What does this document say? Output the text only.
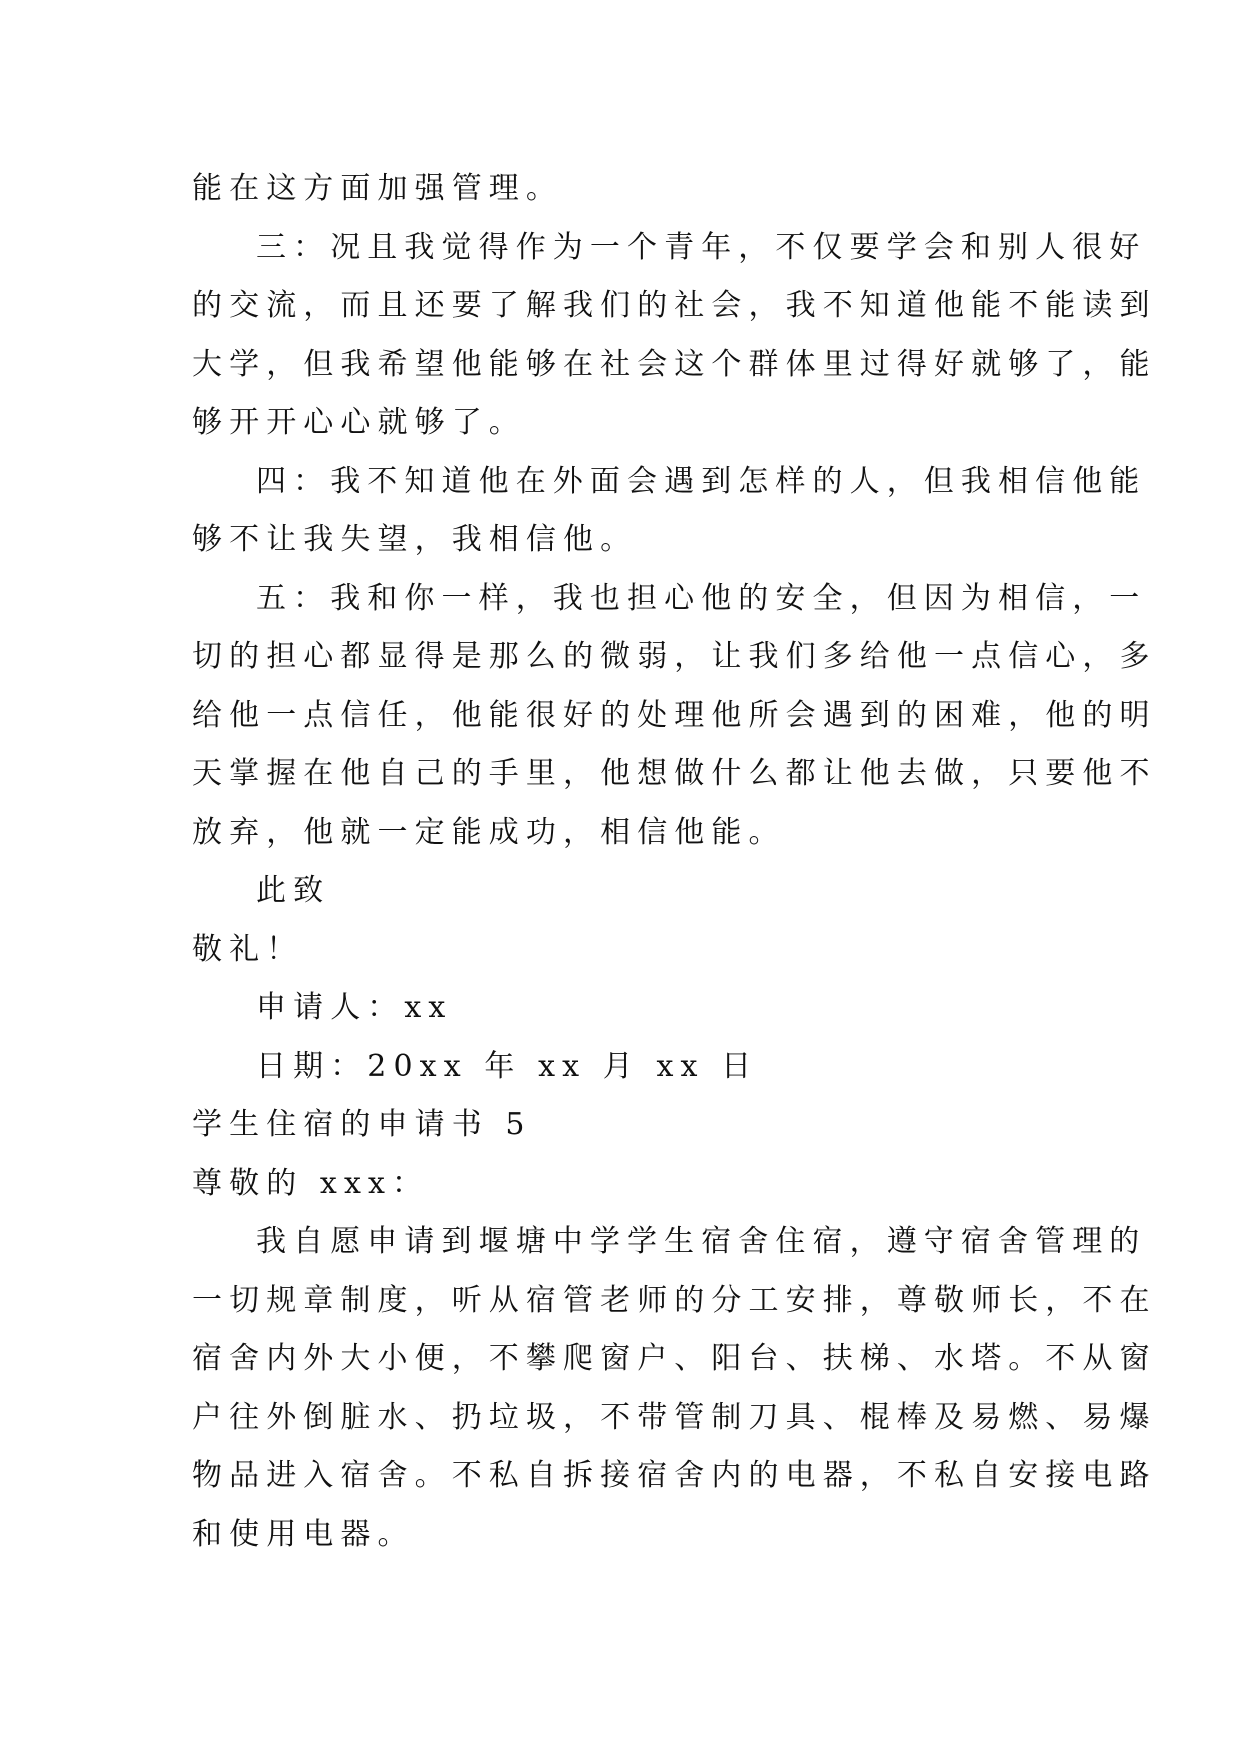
能在这方面加强管理。

三：况且我觉得作为一个青年，不仅要学会和别人很好

的交流，而且还要了解我们的社会，我不知道他能不能读到

大学，但我希望他能够在社会这个群体里过得好就够了，能

够开开心心就够了。

四：我不知道他在外面会遇到怎样的人，但我相信他能

够不让我失望，我相信他。

五：我和你一样，我也担心他的安全，但因为相信，一

切的担心都显得是那么的微弱，让我们多给他一点信心，多

给他一点信任，他能很好的处理他所会遇到的困难，他的明

天掌握在他自己的手里，他想做什么都让他去做，只要他不

放弃，他就一定能成功，相信他能。

此致

敬礼！

申请人：xx

日期：20xx 年 xx 月 xx 日

学生住宿的申请书 5

尊敬的 xxx：

我自愿申请到堰塘中学学生宿舍住宿，遵守宿舍管理的

一切规章制度，听从宿管老师的分工安排，尊敬师长，不在

宿舍内外大小便，不攀爬窗户、阳台、扶梯、水塔。不从窗

户往外倒脏水、扔垃圾，不带管制刀具、棍棒及易燃、易爆

物品进入宿舍。不私自拆接宿舍内的电器，不私自安接电路

和使用电器。
